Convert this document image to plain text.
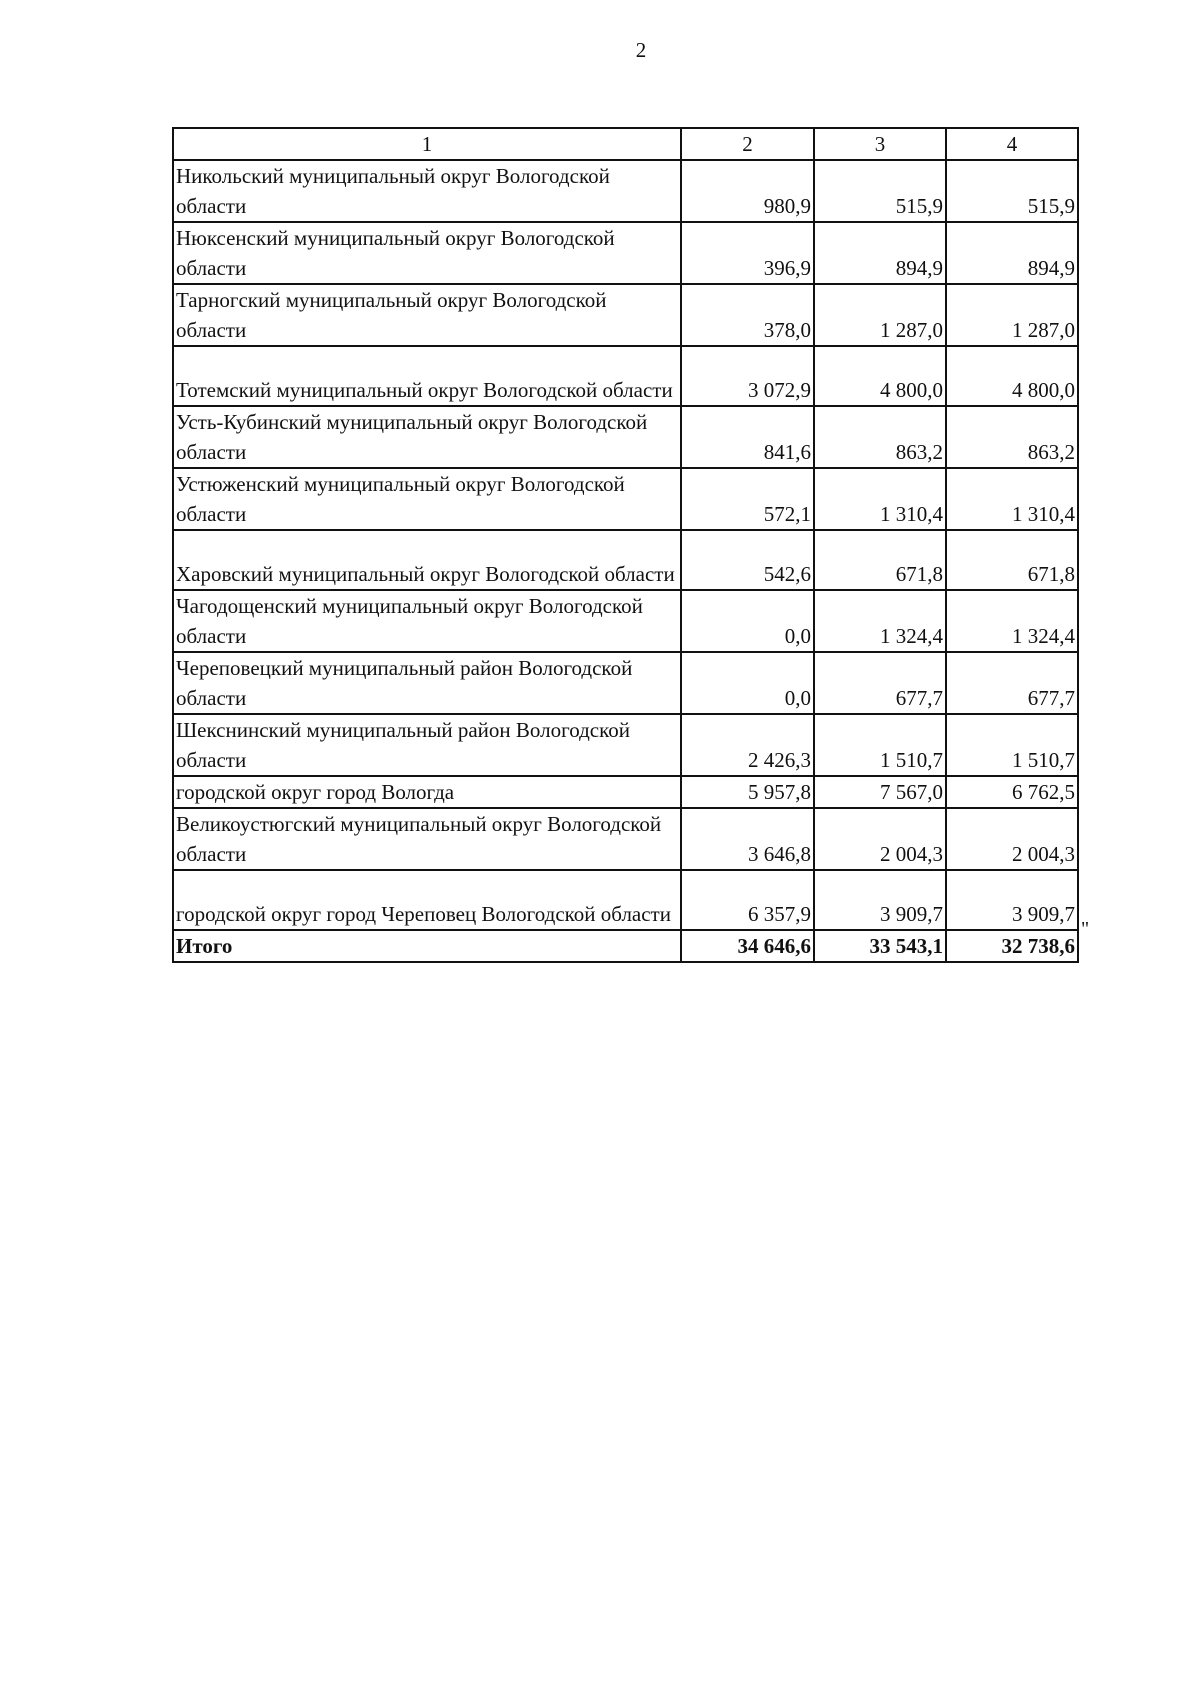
2
1	2	3	4
Никольский муниципальный округ Вологодской области	980,9	515,9	515,9
Нюксенский муниципальный округ Вологодской области	396,9	894,9	894,9
Тарногский муниципальный округ Вологодской области	378,0	1 287,0	1 287,0
Тотемский муниципальный округ Вологодской области	3 072,9	4 800,0	4 800,0
Усть-Кубинский муниципальный округ Вологодской области	841,6	863,2	863,2
Устюженский муниципальный округ Вологодской области	572,1	1 310,4	1 310,4
Харовский муниципальный округ Вологодской области	542,6	671,8	671,8
Чагодощенский муниципальный округ Вологодской области	0,0	1 324,4	1 324,4
Череповецкий муниципальный район Вологодской области	0,0	677,7	677,7
Шекснинский муниципальный район Вологодской области	2 426,3	1 510,7	1 510,7
городской округ город Вологда	5 957,8	7 567,0	6 762,5
Великоустюгский муниципальный округ Вологодской области	3 646,8	2 004,3	2 004,3
городской округ город Череповец Вологодской области	6 357,9	3 909,7	3 909,7
Итого	34 646,6	33 543,1	32 738,6
"
